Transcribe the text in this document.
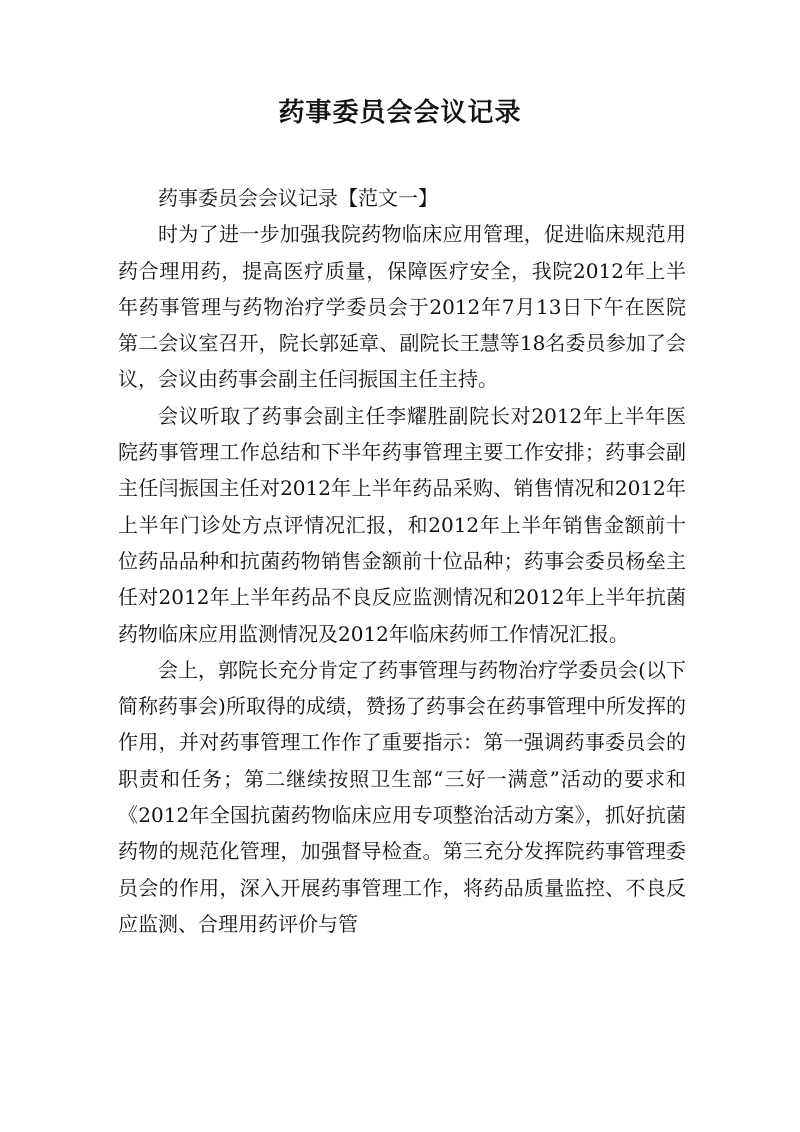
药事委员会会议记录

药事委员会会议记录【范文一】

时为了进一步加强我院药物临床应用管理，促进临床规范用药合理用药，提高医疗质量，保障医疗安全，我院2012年上半年药事管理与药物治疗学委员会于2012年7月13日下午在医院第二会议室召开，院长郭延章、副院长王慧等18名委员参加了会议，会议由药事会副主任闫振国主任主持。

会议听取了药事会副主任李耀胜副院长对2012年上半年医院药事管理工作总结和下半年药事管理主要工作安排；药事会副主任闫振国主任对2012年上半年药品采购、销售情况和2012年上半年门诊处方点评情况汇报，和2012年上半年销售金额前十位药品品种和抗菌药物销售金额前十位品种；药事会委员杨垒主任对2012年上半年药品不良反应监测情况和2012年上半年抗菌药物临床应用监测情况及2012年临床药师工作情况汇报。

会上，郭院长充分肯定了药事管理与药物治疗学委员会(以下简称药事会)所取得的成绩，赞扬了药事会在药事管理中所发挥的作用，并对药事管理工作作了重要指示：第一强调药事委员会的职责和任务；第二继续按照卫生部“三好一满意”活动的要求和《2012年全国抗菌药物临床应用专项整治活动方案》，抓好抗菌药物的规范化管理，加强督导检查。第三充分发挥院药事管理委员会的作用，深入开展药事管理工作，将药品质量监控、不良反应监测、合理用药评价与管
